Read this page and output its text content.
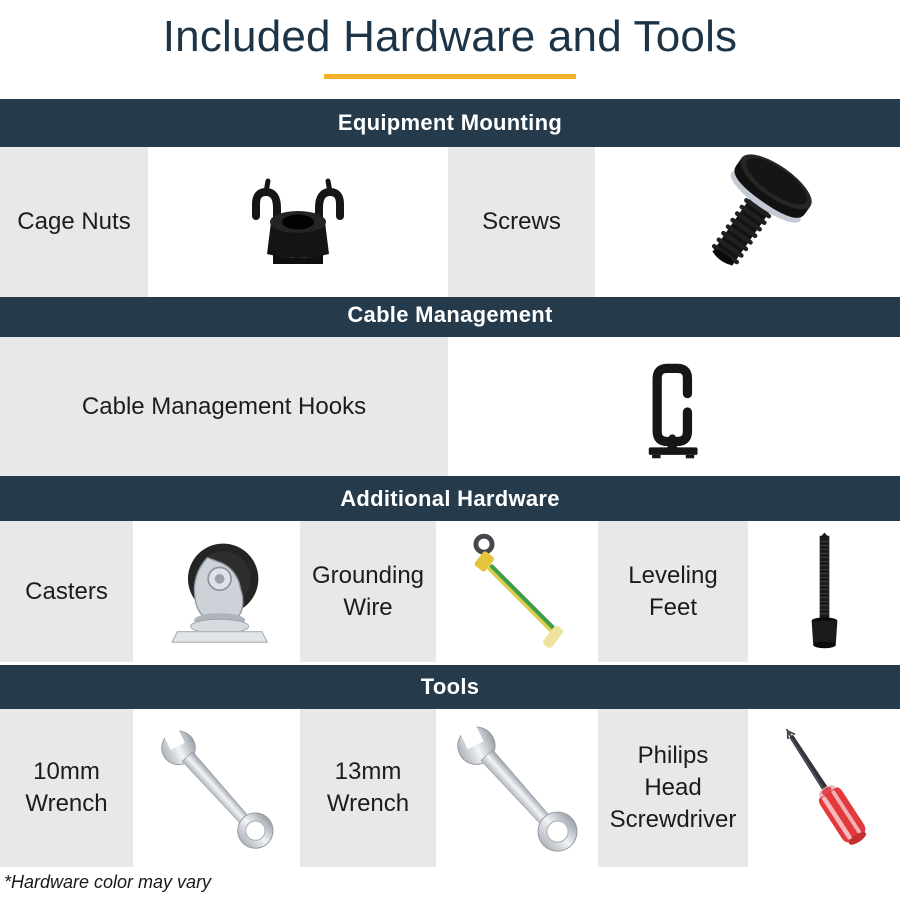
Included Hardware and Tools
Equipment Mounting
Cage Nuts	Screws
Cable Management
Cable Management Hooks
Additional Hardware
Casters
Grounding Wire
Leveling Feet
Tools
10mm Wrench
13mm Wrench
Philips Head Screwdriver
*Hardware color may vary
